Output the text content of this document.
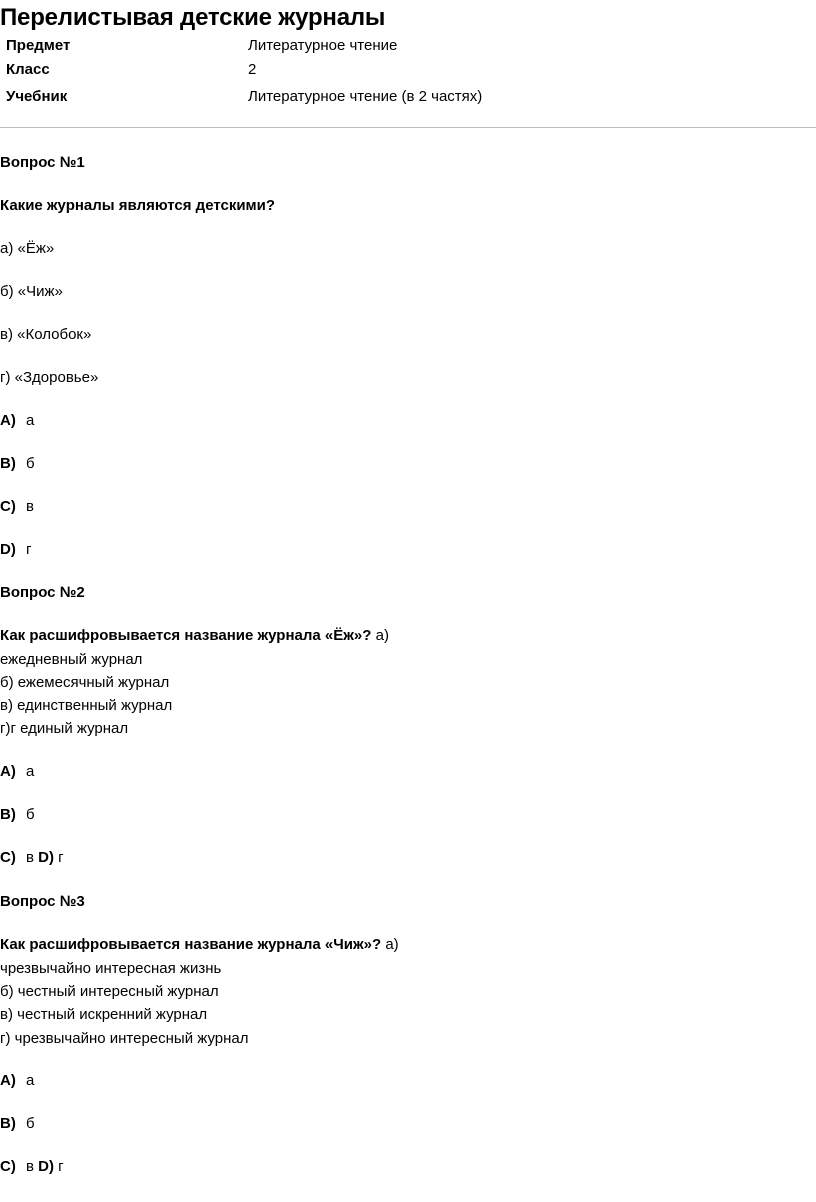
Перелистывая детские журналы
Предмет	Литературное чтение
Класс	2
Учебник	Литературное чтение (в 2 частях)
Вопрос №1
Какие журналы являются детскими?
а) «Ёж»
б) «Чиж»
в) «Колобок»
г) «Здоровье»
A) а
B) б
C) в
D) г
Вопрос №2
Как расшифровывается название журнала «Ёж»? а)
ежедневный журнал
б) ежемесячный журнал
в) единственный журнал
г)г единый журнал
A) а
B) б
C) в D) г
Вопрос №3
Как расшифровывается название журнала «Чиж»? а)
чрезвычайно интересная жизнь
б) честный интересный журнал
в) честный искренний журнал
г) чрезвычайно интересный журнал
A) а
B) б
C) в D) г
